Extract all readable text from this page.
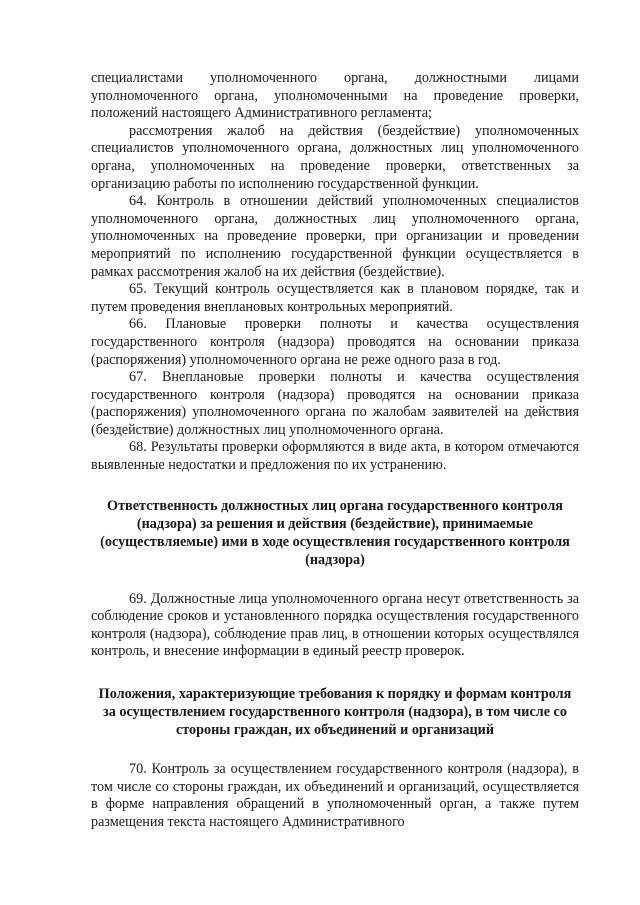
специалистами уполномоченного органа, должностными лицами уполномоченного органа, уполномоченными на проведение проверки, положений настоящего Административного регламента;

рассмотрения жалоб на действия (бездействие) уполномоченных специалистов уполномоченного органа, должностных лиц уполномоченного органа, уполномоченных на проведение проверки, ответственных за организацию работы по исполнению государственной функции.

64. Контроль в отношении действий уполномоченных специалистов уполномоченного органа, должностных лиц уполномоченного органа, уполномоченных на проведение проверки, при организации и проведении мероприятий по исполнению государственной функции осуществляется в рамках рассмотрения жалоб на их действия (бездействие).

65. Текущий контроль осуществляется как в плановом порядке, так и путем проведения внеплановых контрольных мероприятий.

66. Плановые проверки полноты и качества осуществления государственного контроля (надзора) проводятся на основании приказа (распоряжения) уполномоченного органа не реже одного раза в год.

67. Внеплановые проверки полноты и качества осуществления государственного контроля (надзора) проводятся на основании приказа (распоряжения) уполномоченного органа по жалобам заявителей на действия (бездействие) должностных лиц уполномоченного органа.

68. Результаты проверки оформляются в виде акта, в котором отмечаются выявленные недостатки и предложения по их устранению.

Ответственность должностных лиц органа государственного контроля (надзора) за решения и действия (бездействие), принимаемые (осуществляемые) ими в ходе осуществления государственного контроля (надзора)

69. Должностные лица уполномоченного органа несут ответственность за соблюдение сроков и установленного порядка осуществления государственного контроля (надзора), соблюдение прав лиц, в отношении которых осуществлялся контроль, и внесение информации в единый реестр проверок.

Положения, характеризующие требования к порядку и формам контроля за осуществлением государственного контроля (надзора), в том числе со стороны граждан, их объединений и организаций

70. Контроль за осуществлением государственного контроля (надзора), в том числе со стороны граждан, их объединений и организаций, осуществляется в форме направления обращений в уполномоченный орган, а также путем размещения текста настоящего Административного
